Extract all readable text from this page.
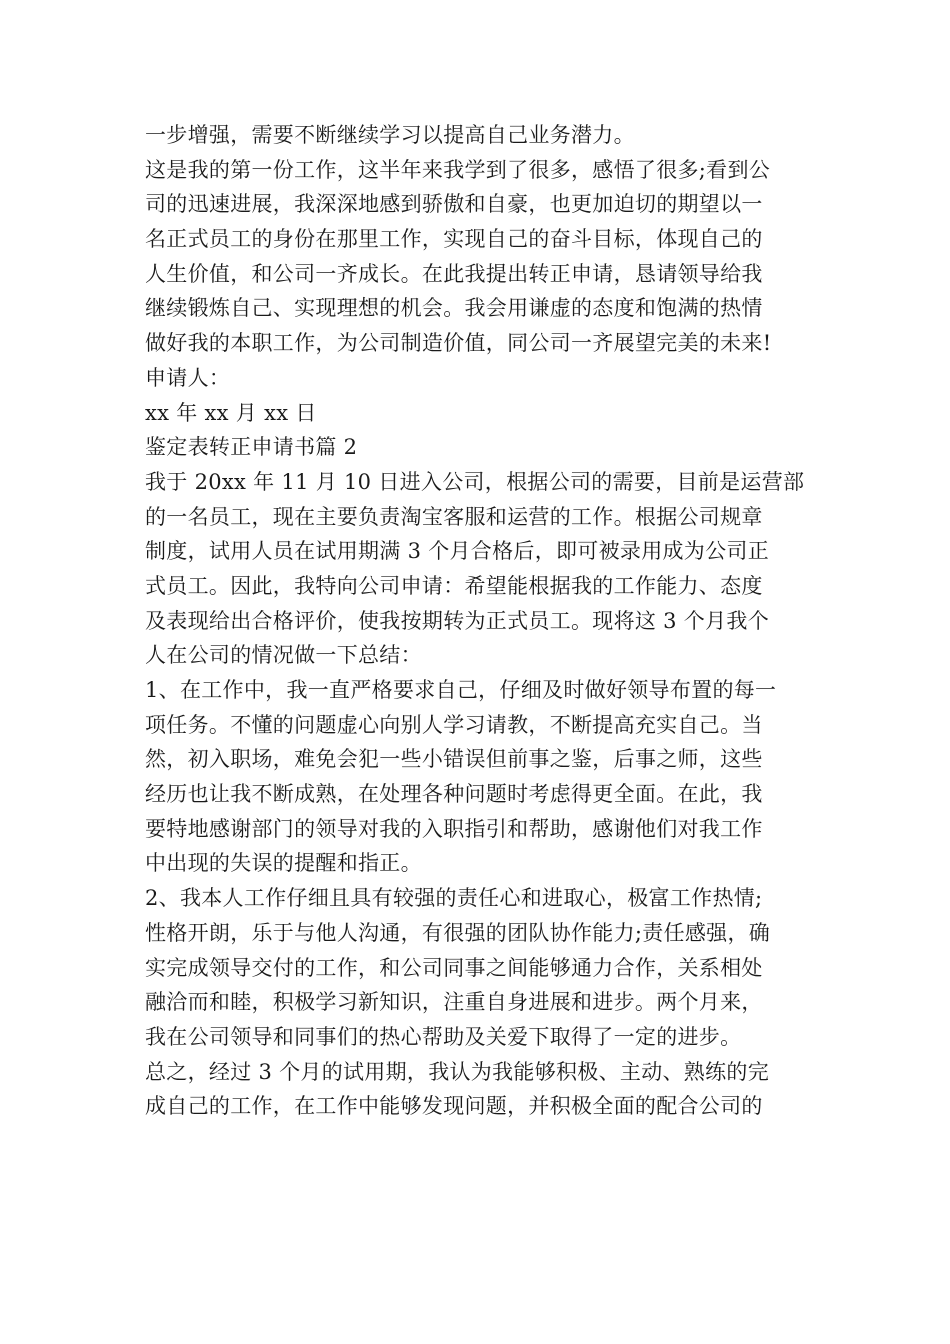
一步增强，需要不断继续学习以提高自己业务潜力。

这是我的第一份工作，这半年来我学到了很多，感悟了很多;看到公

司的迅速进展，我深深地感到骄傲和自豪，也更加迫切的期望以一

名正式员工的身份在那里工作，实现自己的奋斗目标，体现自己的

人生价值，和公司一齐成长。在此我提出转正申请，恳请领导给我

继续锻炼自己、实现理想的机会。我会用谦虚的态度和饱满的热情

做好我的本职工作，为公司制造价值，同公司一齐展望完美的未来!

申请人：

xx 年 xx 月 xx 日

鉴定表转正申请书篇 2

我于 20xx 年 11 月 10 日进入公司，根据公司的需要，目前是运营部

的一名员工，现在主要负责淘宝客服和运营的工作。根据公司规章

制度，试用人员在试用期满 3 个月合格后，即可被录用成为公司正

式员工。因此，我特向公司申请：希望能根据我的工作能力、态度

及表现给出合格评价，使我按期转为正式员工。现将这 3 个月我个

人在公司的情况做一下总结：

1、在工作中，我一直严格要求自己，仔细及时做好领导布置的每一

项任务。不懂的问题虚心向别人学习请教，不断提高充实自己。当

然，初入职场，难免会犯一些小错误但前事之鉴，后事之师，这些

经历也让我不断成熟，在处理各种问题时考虑得更全面。在此，我

要特地感谢部门的领导对我的入职指引和帮助，感谢他们对我工作

中出现的失误的提醒和指正。

2、我本人工作仔细且具有较强的责任心和进取心，极富工作热情;

性格开朗，乐于与他人沟通，有很强的团队协作能力;责任感强，确

实完成领导交付的工作，和公司同事之间能够通力合作，关系相处

融洽而和睦，积极学习新知识，注重自身进展和进步。两个月来，

我在公司领导和同事们的热心帮助及关爱下取得了一定的进步。

总之，经过 3 个月的试用期，我认为我能够积极、主动、熟练的完

成自己的工作，在工作中能够发现问题，并积极全面的配合公司的
